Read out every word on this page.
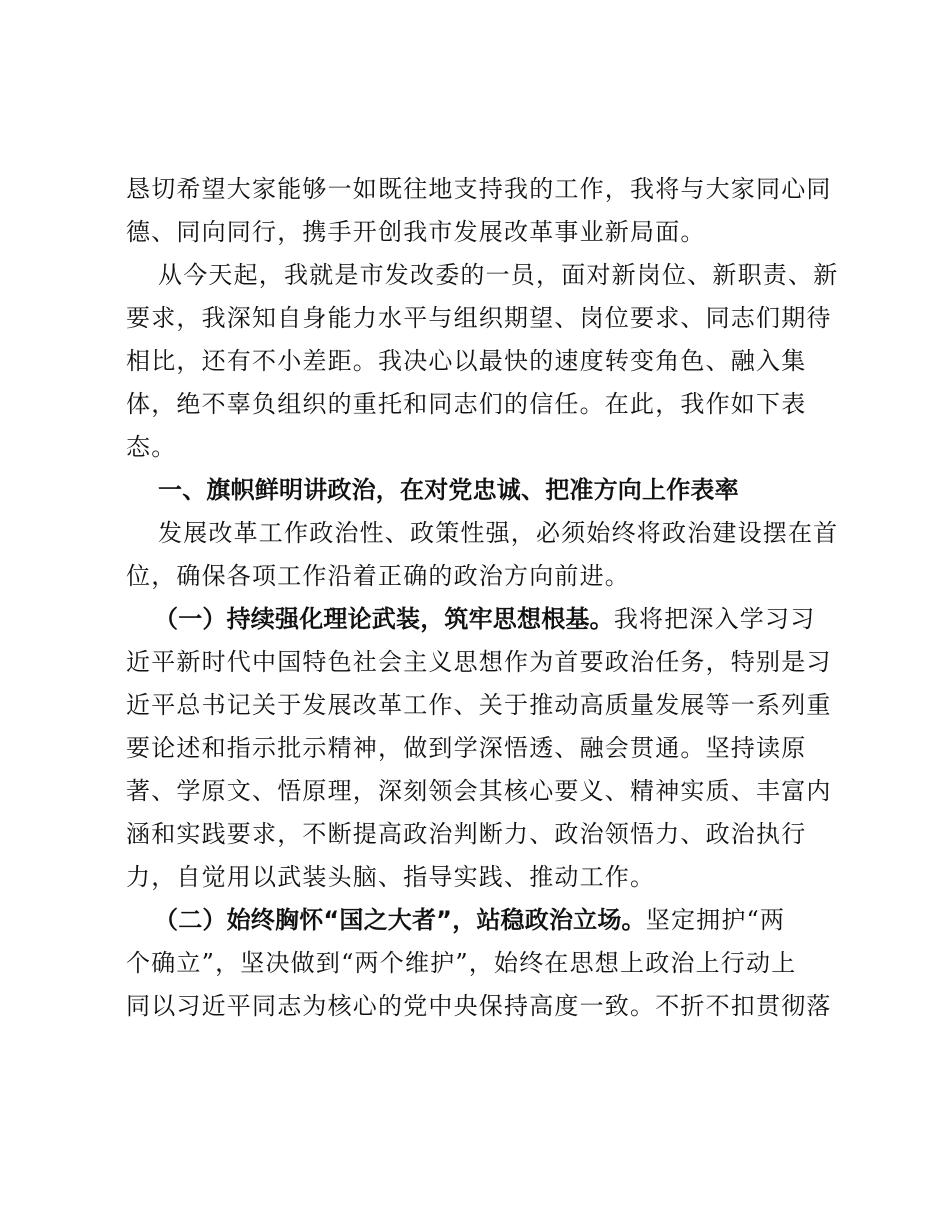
恳切希望大家能够一如既往地支持我的工作，我将与大家同心同
德、同向同行，携手开创我市发展改革事业新局面。
从今天起，我就是市发改委的一员，面对新岗位、新职责、新
要求，我深知自身能力水平与组织期望、岗位要求、同志们期待
相比，还有不小差距。我决心以最快的速度转变角色、融入集
体，绝不辜负组织的重托和同志们的信任。在此，我作如下表
态。
一、旗帜鲜明讲政治，在对党忠诚、把准方向上作表率
发展改革工作政治性、政策性强，必须始终将政治建设摆在首
位，确保各项工作沿着正确的政治方向前进。
（一）持续强化理论武装，筑牢思想根基。我将把深入学习习
近平新时代中国特色社会主义思想作为首要政治任务，特别是习
近平总书记关于发展改革工作、关于推动高质量发展等一系列重
要论述和指示批示精神，做到学深悟透、融会贯通。坚持读原
著、学原文、悟原理，深刻领会其核心要义、精神实质、丰富内
涵和实践要求，不断提高政治判断力、政治领悟力、政治执行
力，自觉用以武装头脑、指导实践、推动工作。
（二）始终胸怀“国之大者”，站稳政治立场。坚定拥护“两
个确立”，坚决做到“两个维护”，始终在思想上政治上行动上
同以习近平同志为核心的党中央保持高度一致。不折不扣贯彻落
